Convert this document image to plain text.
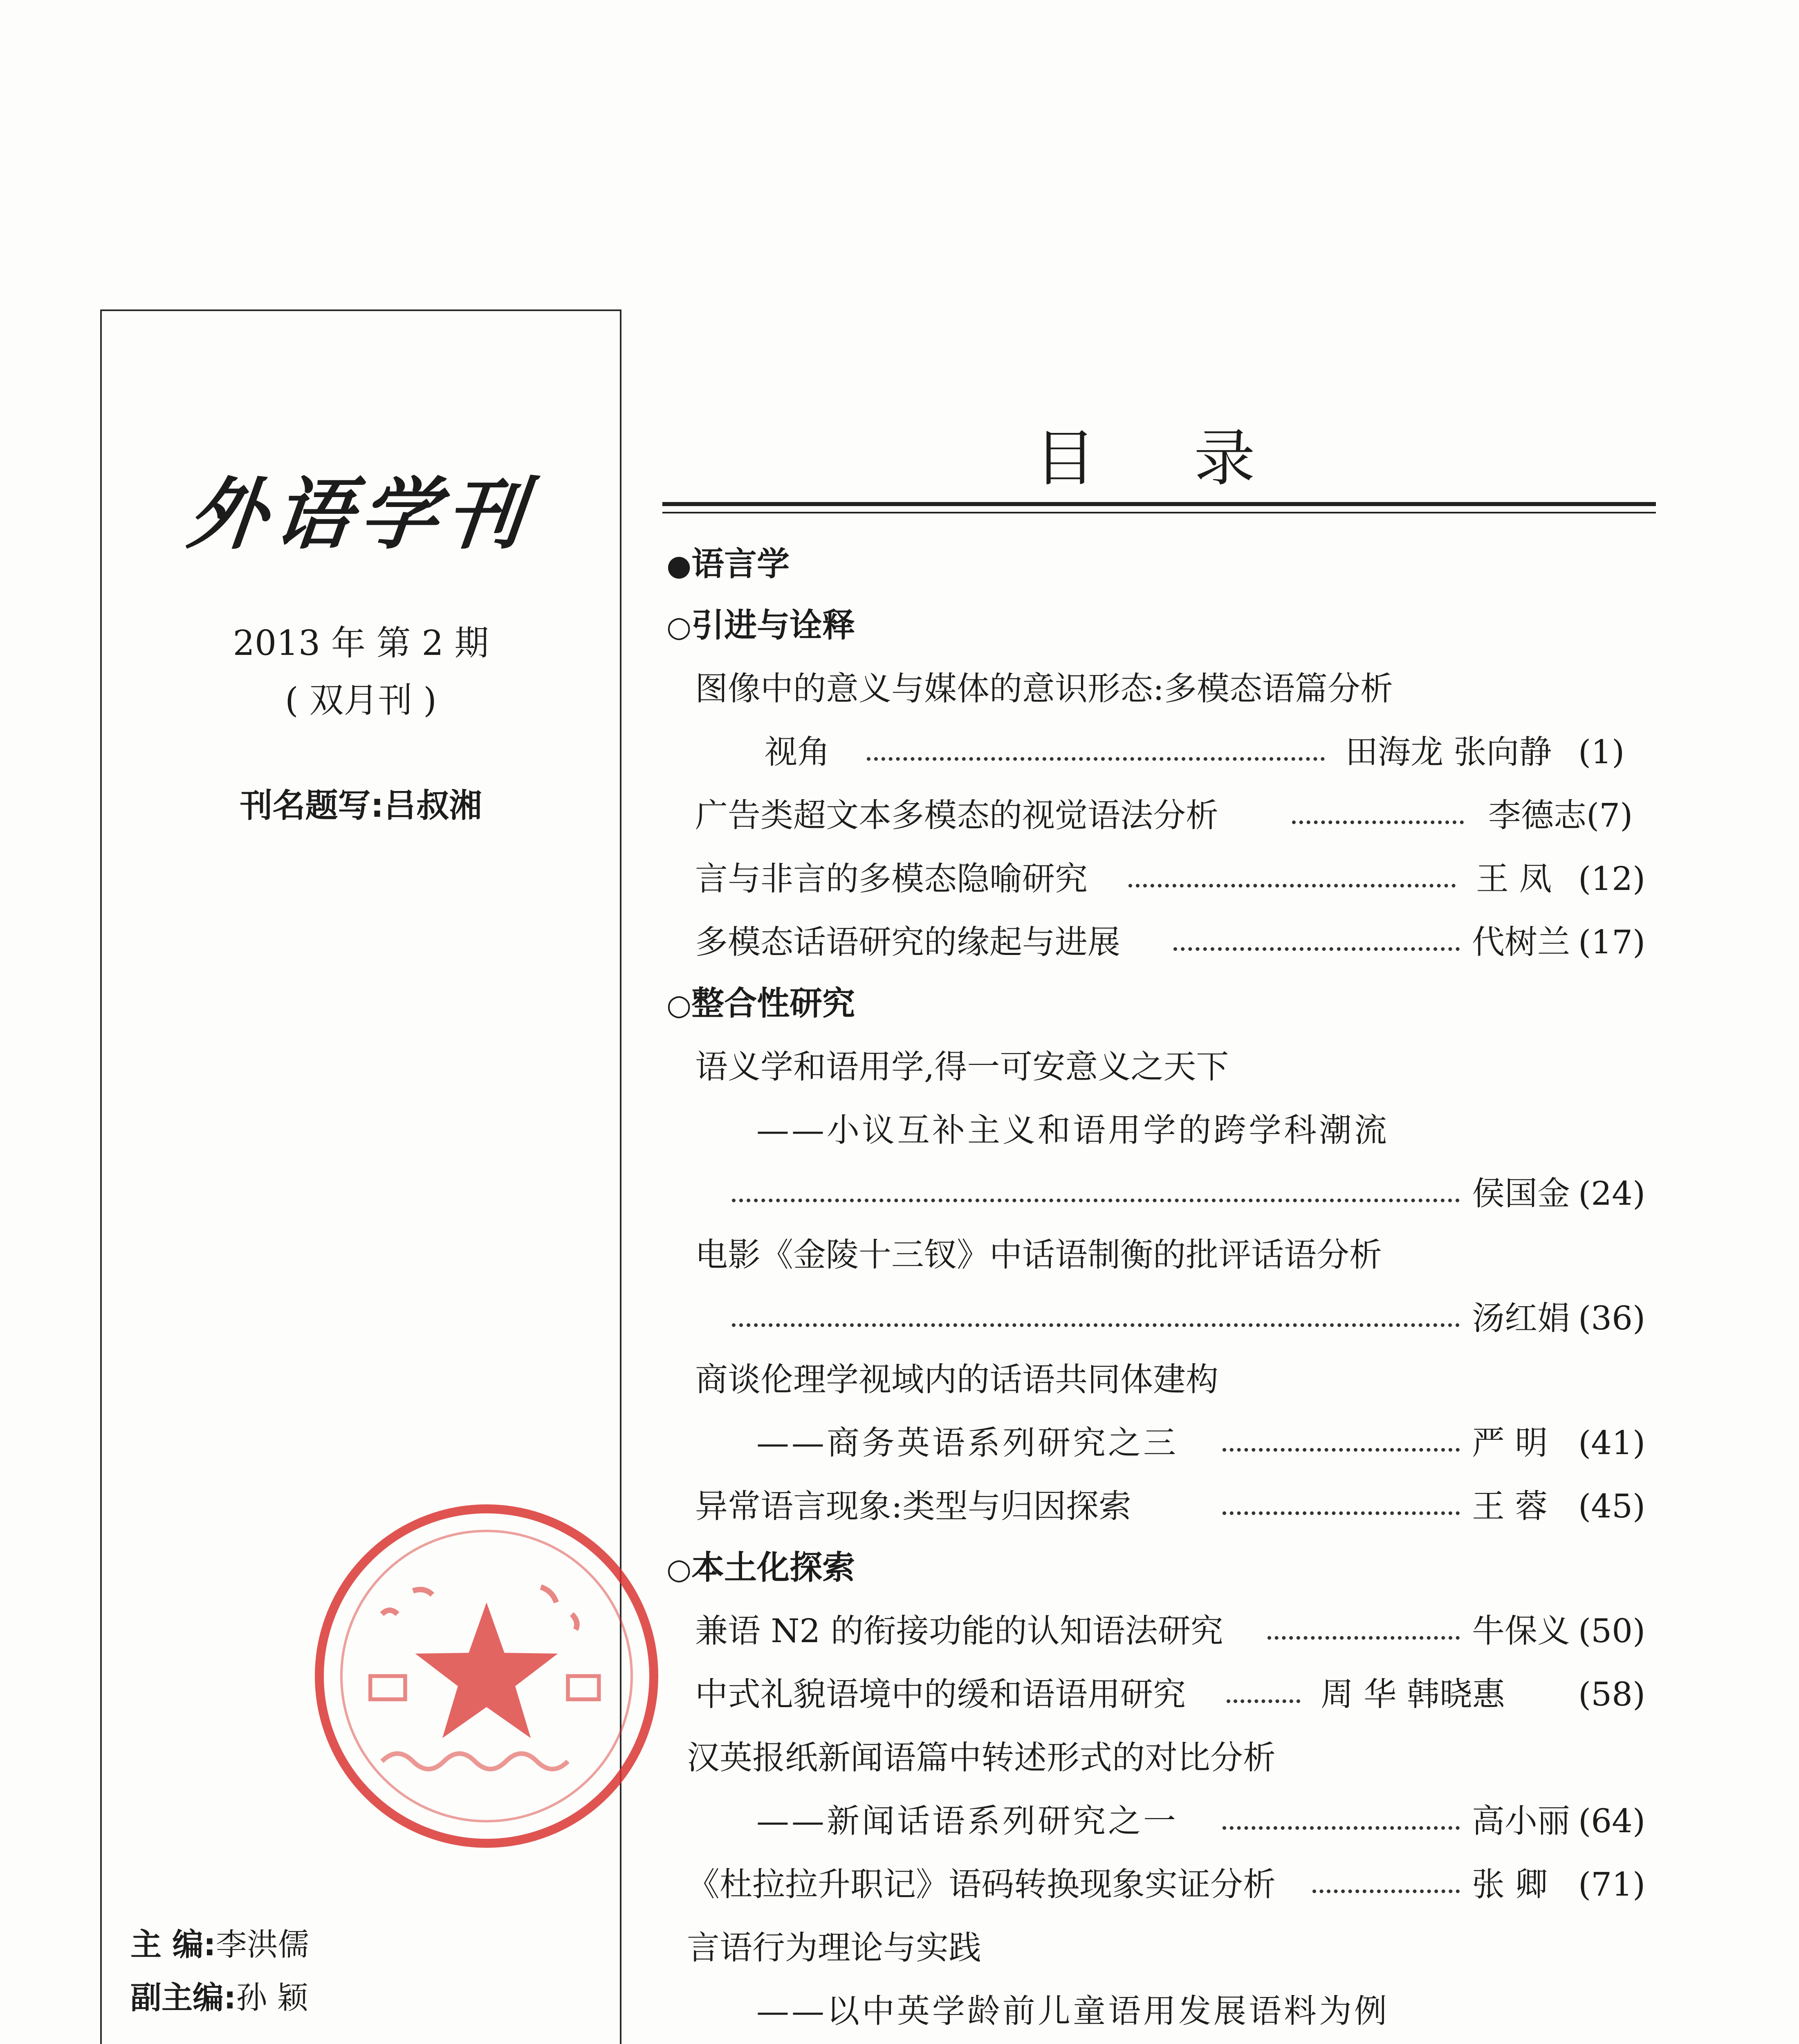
外语学刊
2013 年 第 2 期
( 双月刊 )
刊名题写:吕叔湘
主 编:李洪儒
副主编:孙 颖
目录
●语言学
○引进与诠释
图像中的意义与媒体的意识形态:多模态语篇分析
视角	田海龙 张向静 (1)
广告类超文本多模态的视觉语法分析	李德志 (7)
言与非言的多模态隐喻研究	王 凤 (12)
多模态话语研究的缘起与进展	代树兰 (17)
○整合性研究
语义学和语用学,得一可安意义之天下
——小议互补主义和语用学的跨学科潮流
侯国金 (24)
电影《金陵十三钗》中话语制衡的批评话语分析
汤红娟 (36)
商谈伦理学视域内的话语共同体建构
——商务英语系列研究之三	严 明 (41)
异常语言现象:类型与归因探索	王 蓉 (45)
○本土化探索
兼语 N2 的衔接功能的认知语法研究	牛保义 (50)
中式礼貌语境中的缓和语语用研究	周 华 韩晓惠 (58)
汉英报纸新闻语篇中转述形式的对比分析
——新闻话语系列研究之一	高小丽 (64)
《杜拉拉升职记》语码转换现象实证分析	张 卿 (71)
言语行为理论与实践
——以中英学龄前儿童语用发展语料为例
